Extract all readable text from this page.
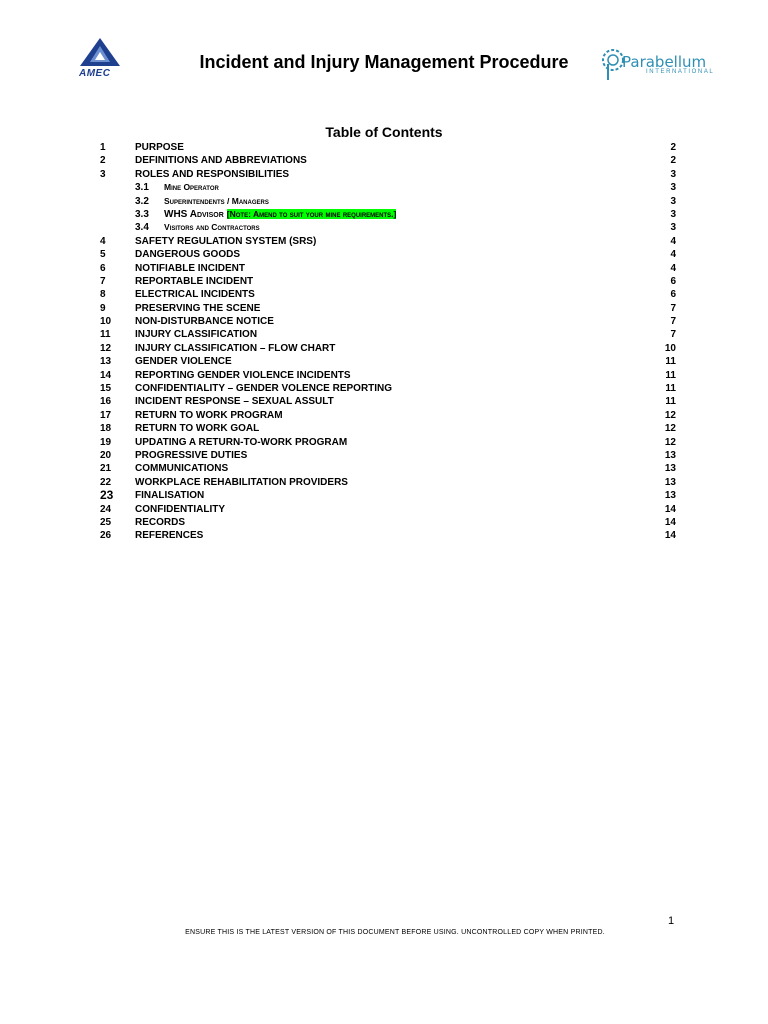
AMEC
Incident and Injury Management Procedure	Parabellum
INTERNATIONAL
Table of Contents
1	PURPOSE	2
2	DEFINITIONS AND ABBREVIATIONS	2
3	ROLES AND RESPONSIBILITIES	3
3.1	Mine Operator	3
3.2	Superintendents / Managers	3
3.3	WHS Advisor [Note: Amend to suit your mine requirements.]	3
3.4	Visitors and Contractors	3
4	SAFETY REGULATION SYSTEM (SRS)	4
5	DANGEROUS GOODS	4
6	NOTIFIABLE INCIDENT	4
7	REPORTABLE INCIDENT	6
8	ELECTRICAL INCIDENTS	6
9	PRESERVING THE SCENE	7
10	NON-DISTURBANCE NOTICE	7
11	INJURY CLASSIFICATION	7
12	INJURY CLASSIFICATION – FLOW CHART	10
13	GENDER VIOLENCE	11
14	REPORTING GENDER VIOLENCE INCIDENTS	11
15	CONFIDENTIALITY – GENDER VOLENCE REPORTING	11
16	INCIDENT RESPONSE – SEXUAL ASSULT	11
17	RETURN TO WORK PROGRAM	12
18	RETURN TO WORK GOAL	12
19	UPDATING A RETURN-TO-WORK PROGRAM	12
20	PROGRESSIVE DUTIES	13
21	COMMUNICATIONS	13
22	WORKPLACE REHABILITATION PROVIDERS	13
23	FINALISATION	13
24	CONFIDENTIALITY	14
25	RECORDS	14
26	REFERENCES	14
1
ENSURE THIS IS THE LATEST VERSION OF THIS DOCUMENT BEFORE USING. UNCONTROLLED COPY WHEN PRINTED.
